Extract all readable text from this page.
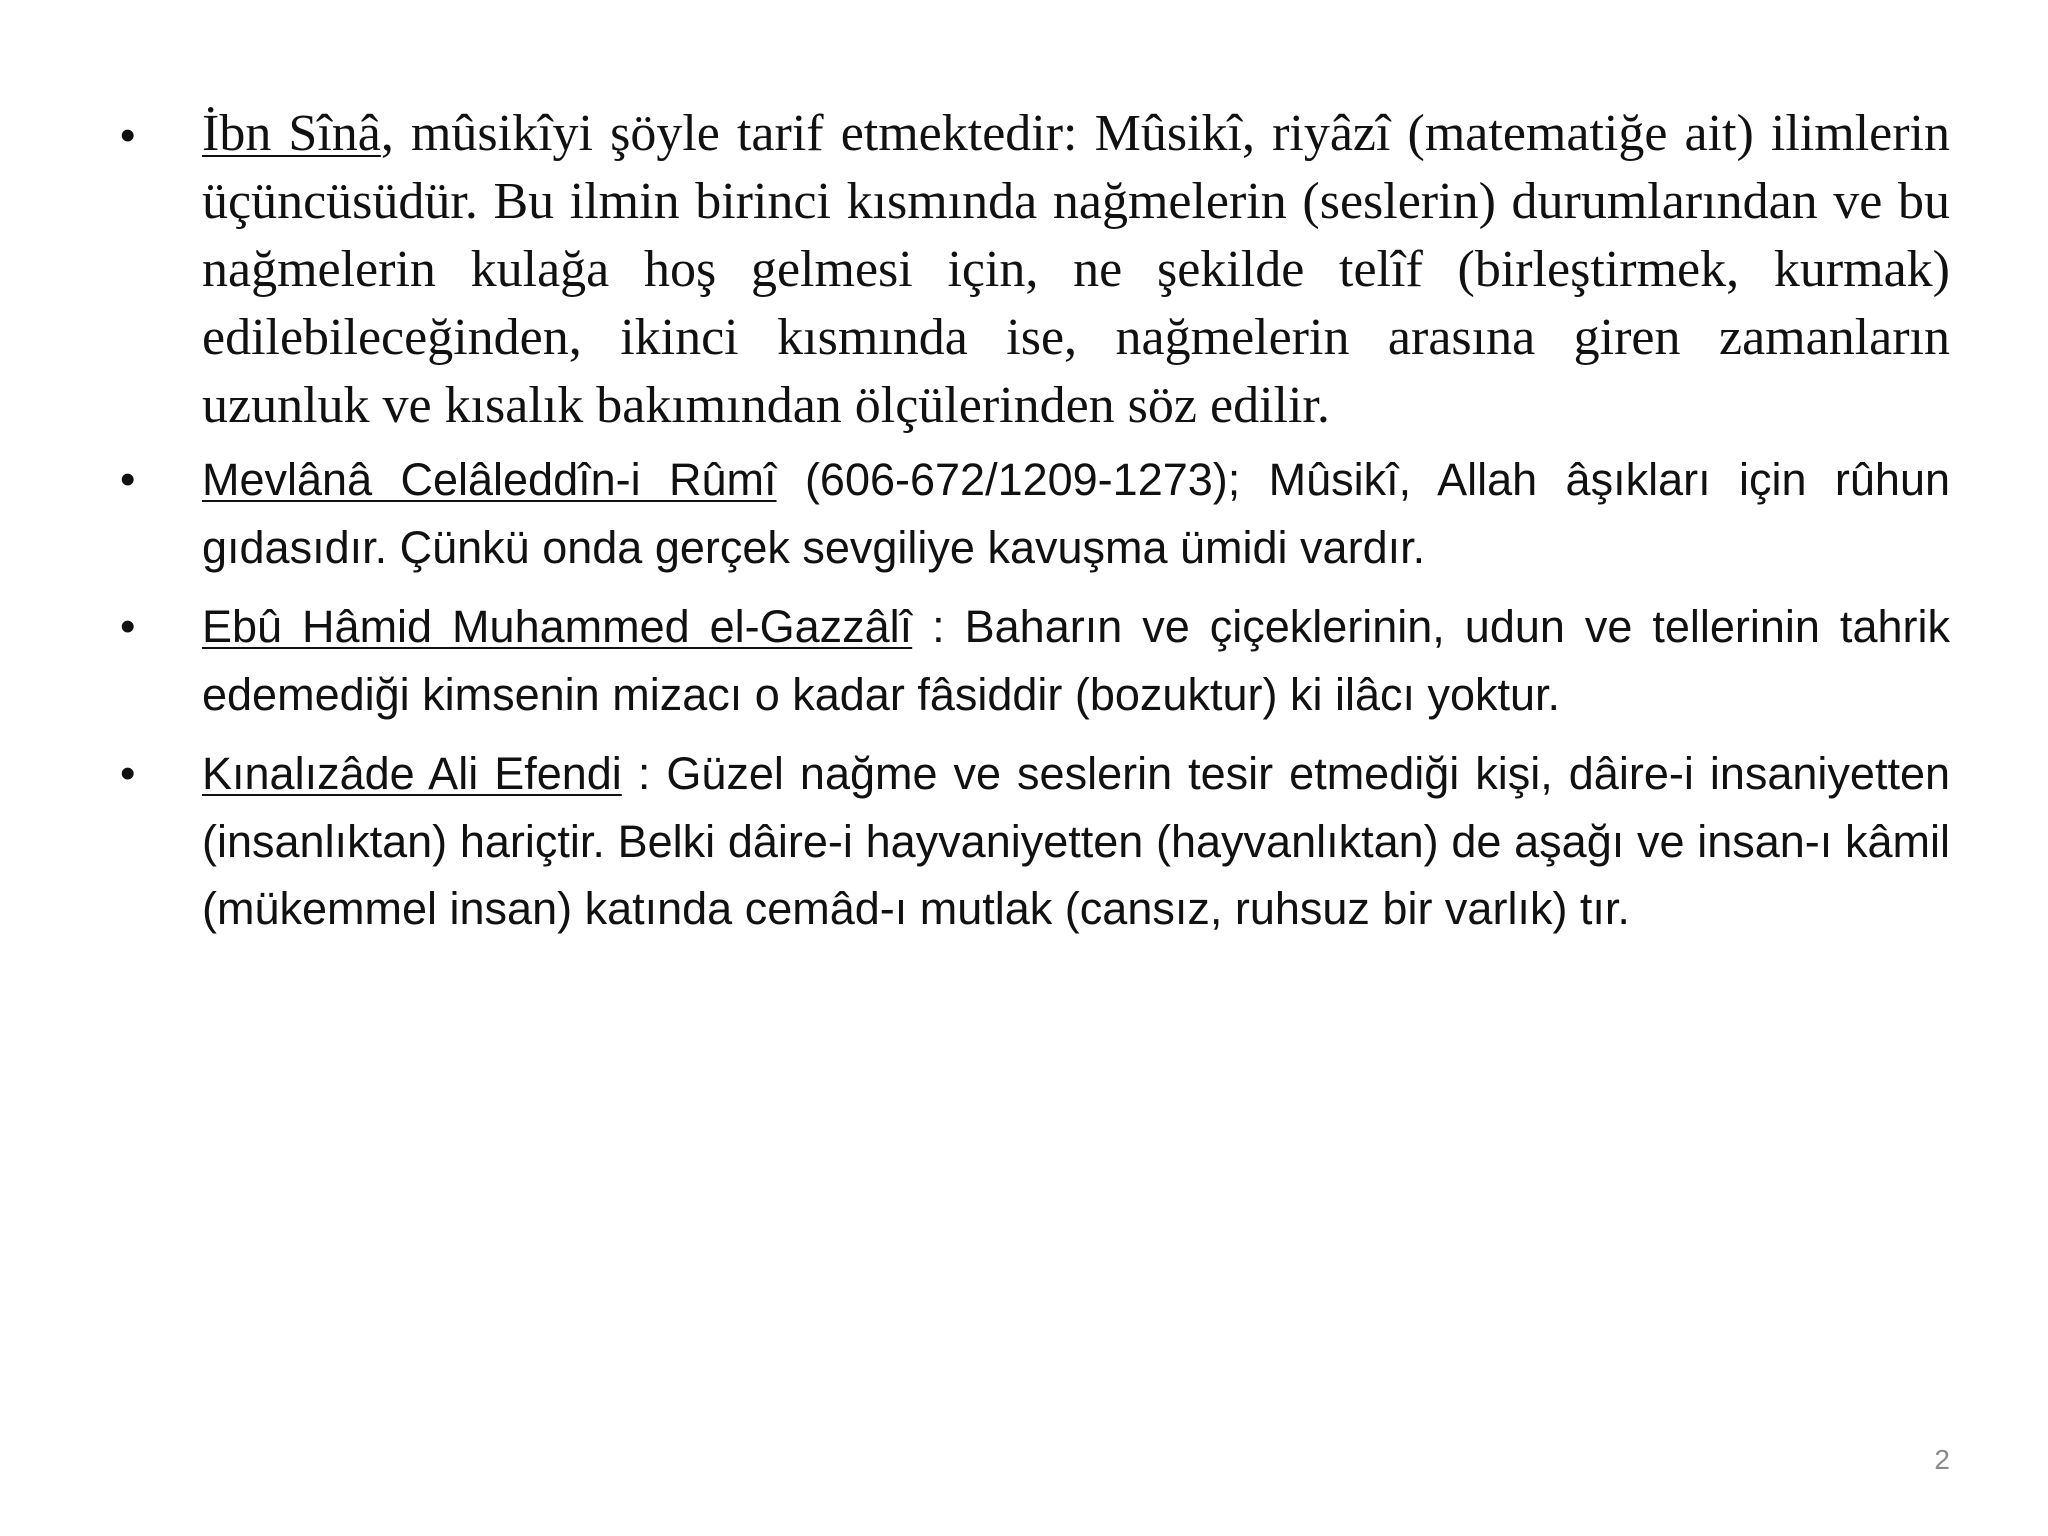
• İbn Sînâ, mûsikîyi şöyle tarif etmektedir: Mûsikî, riyâzî (matematiğe ait) ilimlerin üçüncüsüdür. Bu ilmin birinci kısmında nağmelerin (seslerin) durumlarından ve bu nağmelerin kulağa hoş gelmesi için, ne şekilde telîf (birleştirmek, kurmak) edilebileceğinden, ikinci kısmında ise, nağmelerin arasına giren zamanların uzunluk ve kısalık bakımından ölçülerinden söz edilir.
• Mevlânâ Celâleddîn-i Rûmî (606-672/1209-1273); Mûsikî, Allah âşıkları için rûhun gıdasıdır. Çünkü onda gerçek sevgiliye kavuşma ümidi vardır.
• Ebû Hâmid Muhammed el-Gazzâlî : Baharın ve çiçeklerinin, udun ve tellerinin tahrik edemediği kimsenin mizacı o kadar fâsiddir (bozuktur) ki ilâcı yoktur.
• Kınalızâde Ali Efendi : Güzel nağme ve seslerin tesir etmediği kişi, dâire-i insaniyetten (insanlıktan) hariçtir. Belki dâire-i hayvaniyetten (hayvanlıktan) de aşağı ve insan-ı kâmil (mükemmel insan) katında cemâd-ı mutlak (cansız, ruhsuz bir varlık) tır.
2
